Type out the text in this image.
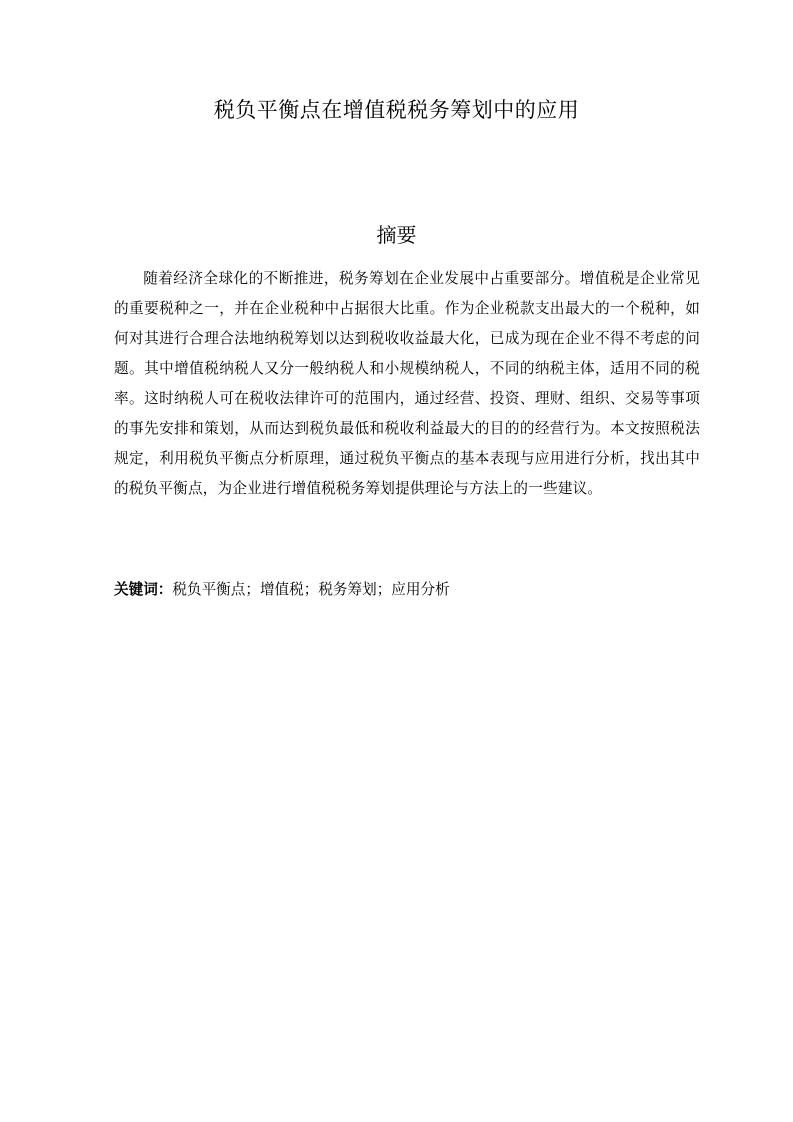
税负平衡点在增值税税务筹划中的应用
摘要

随着经济全球化的不断推进，税务筹划在企业发展中占重要部分。增值税是企业常见的重要税种之一，并在企业税种中占据很大比重。作为企业税款支出最大的一个税种，如何对其进行合理合法地纳税筹划以达到税收收益最大化，已成为现在企业不得不考虑的问题。其中增值税纳税人又分一般纳税人和小规模纳税人，不同的纳税主体，适用不同的税率。这时纳税人可在税收法律许可的范围内，通过经营、投资、理财、组织、交易等事项的事先安排和策划，从而达到税负最低和税收利益最大的目的的经营行为。本文按照税法规定，利用税负平衡点分析原理，通过税负平衡点的基本表现与应用进行分析，找出其中的税负平衡点，为企业进行增值税税务筹划提供理论与方法上的一些建议。

关键词：税负平衡点；增值税；税务筹划；应用分析
